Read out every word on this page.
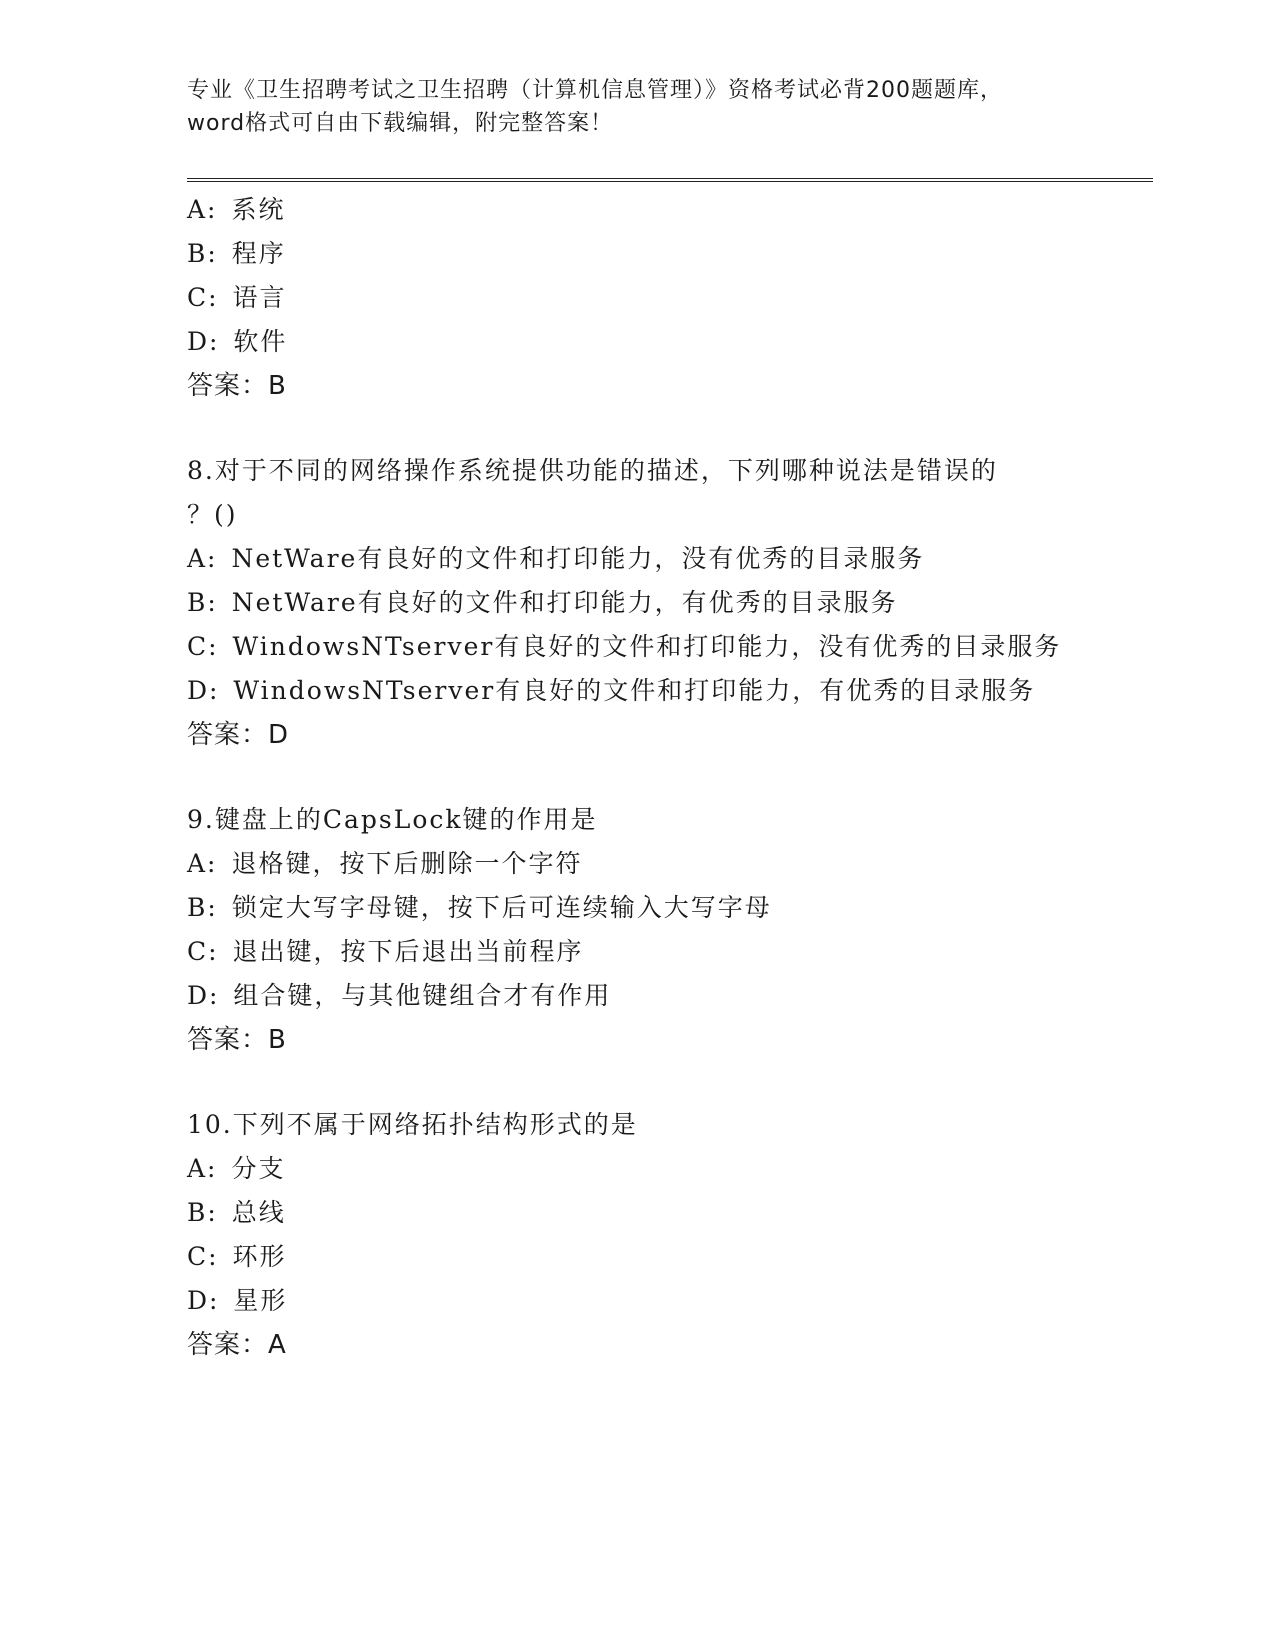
专业《卫生招聘考试之卫生招聘（计算机信息管理）》资格考试必背200题题库，
word格式可自由下载编辑，附完整答案！
A: 系统
B: 程序
C: 语言
D: 软件
答案：B
8.对于不同的网络操作系统提供功能的描述，下列哪种说法是错误的
？()
A: NetWare有良好的文件和打印能力，没有优秀的目录服务
B: NetWare有良好的文件和打印能力，有优秀的目录服务
C: WindowsNTserver有良好的文件和打印能力，没有优秀的目录服务
D: WindowsNTserver有良好的文件和打印能力，有优秀的目录服务
答案：D
9.键盘上的CapsLock键的作用是
A: 退格键，按下后删除一个字符
B: 锁定大写字母键，按下后可连续输入大写字母
C: 退出键，按下后退出当前程序
D: 组合键，与其他键组合才有作用
答案：B
10.下列不属于网络拓扑结构形式的是
A: 分支
B: 总线
C: 环形
D: 星形
答案：A
